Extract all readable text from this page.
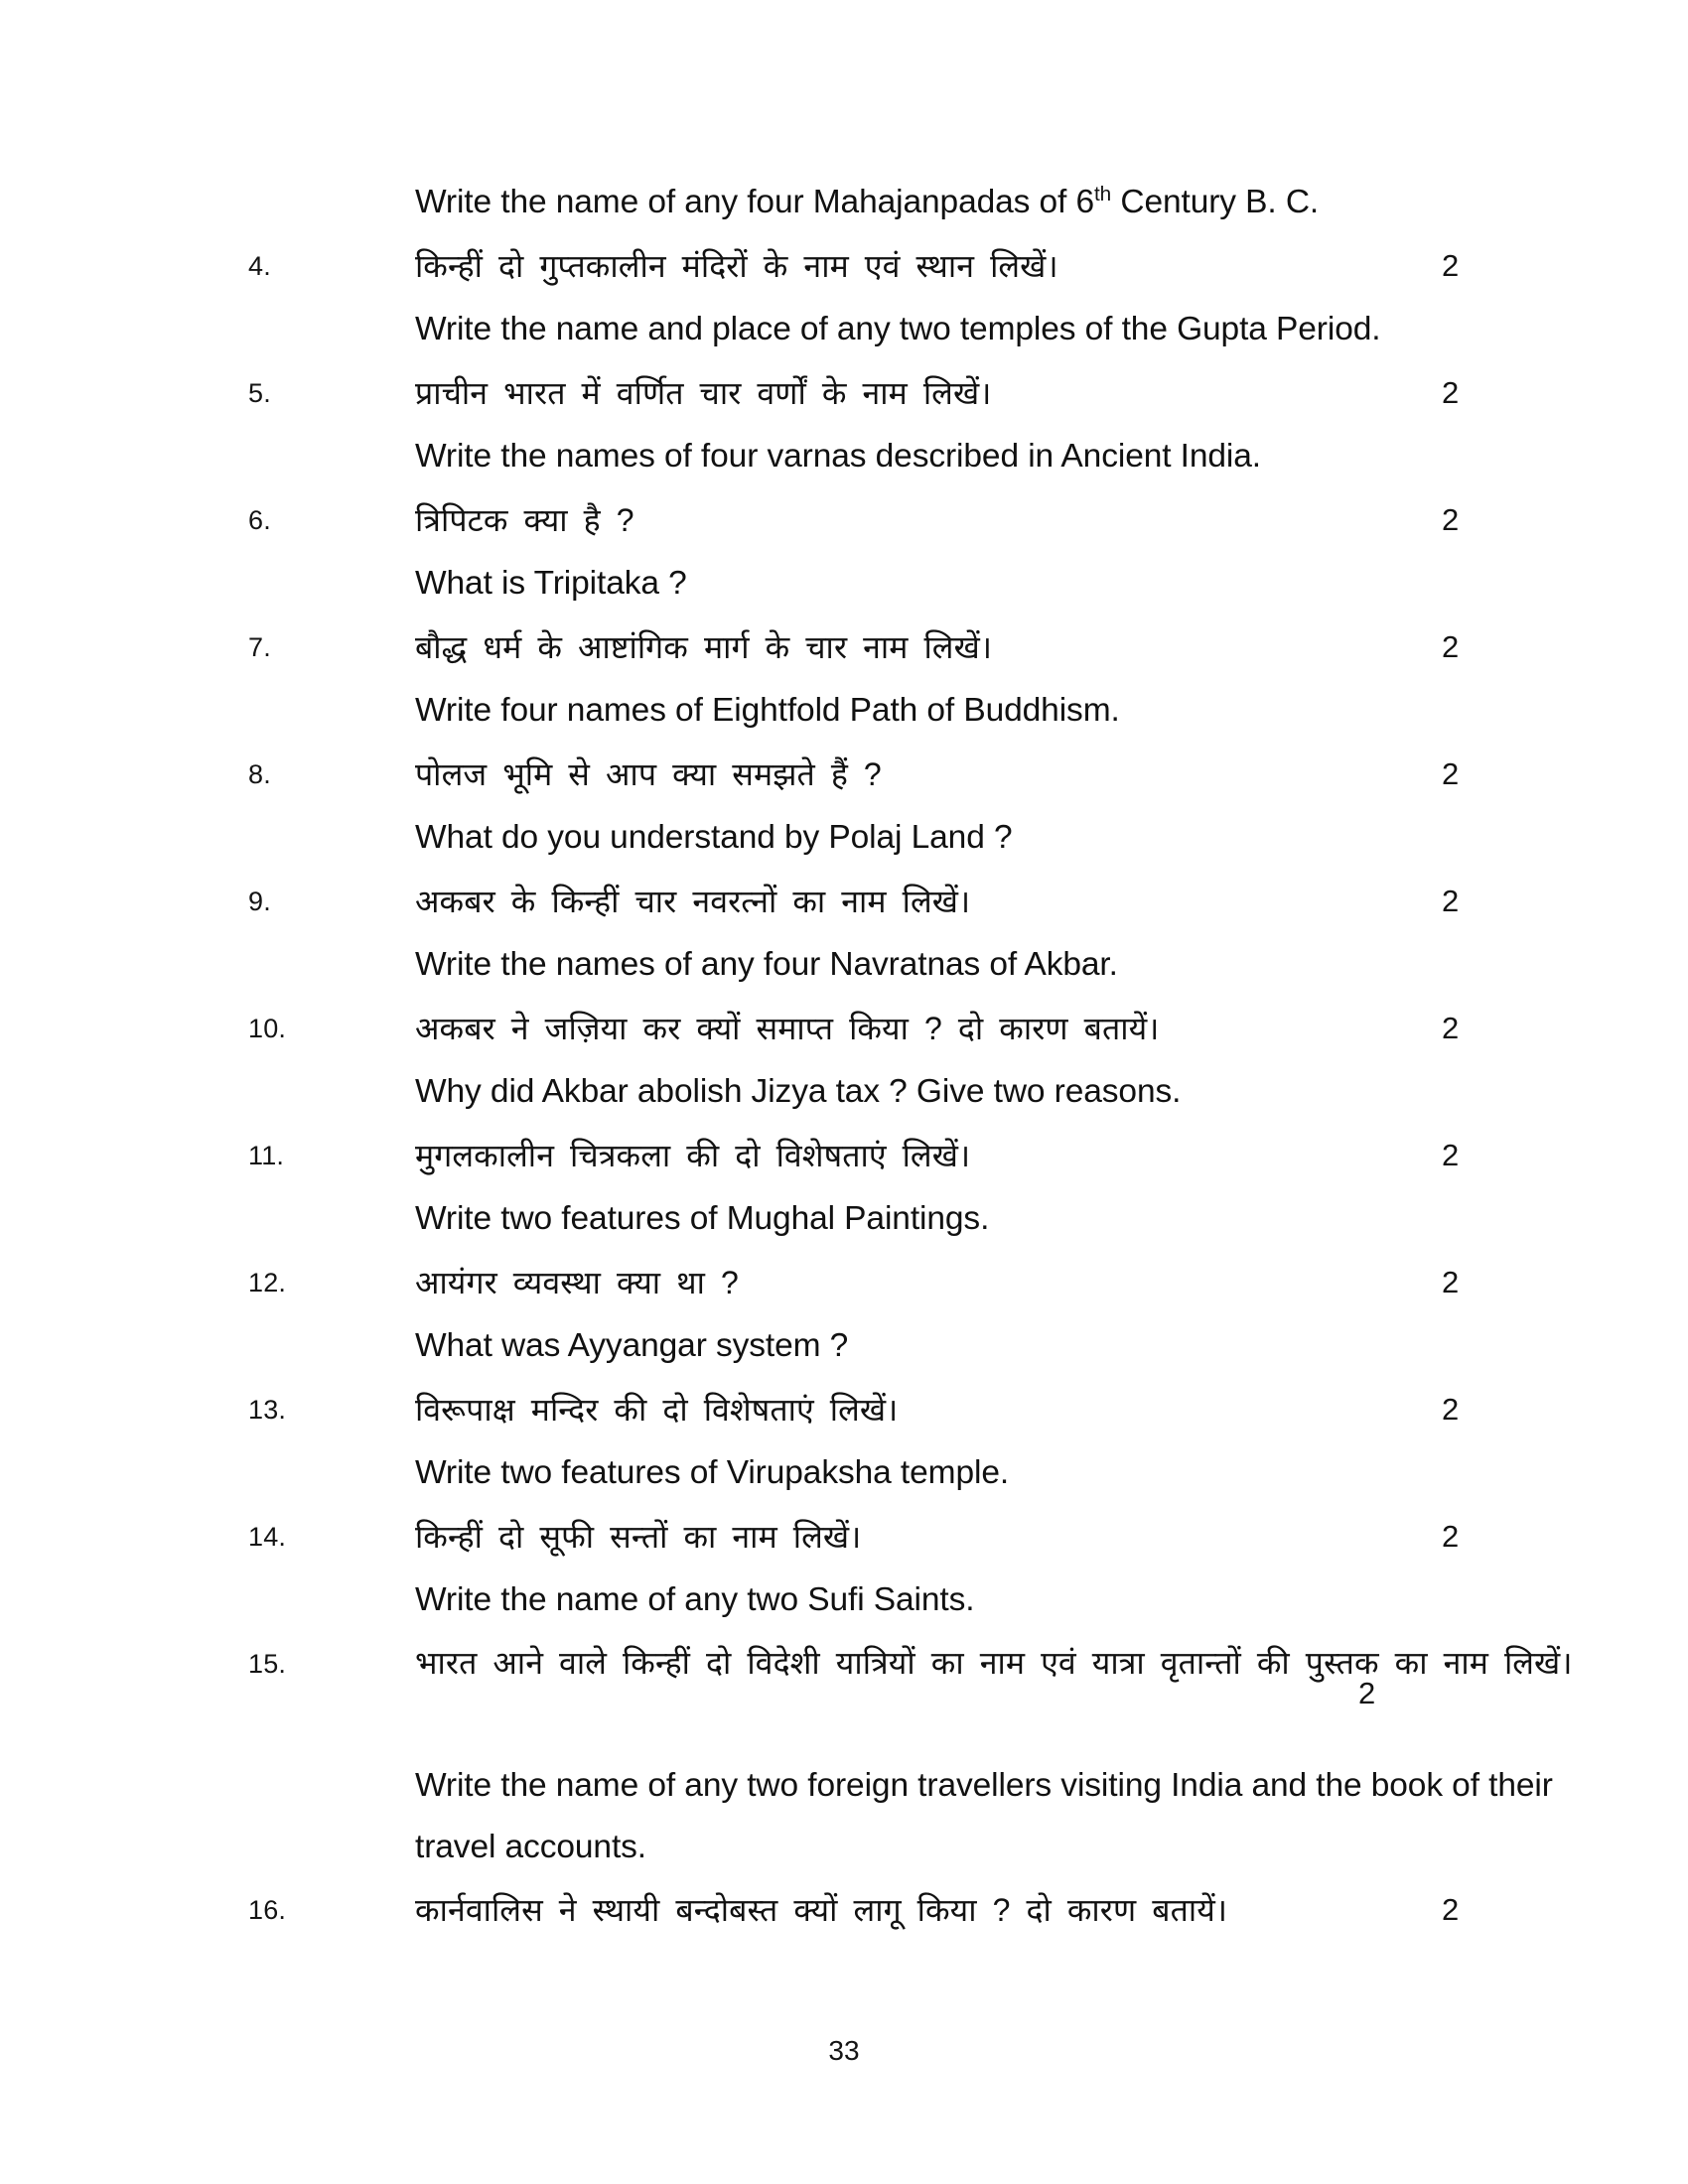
Write the name of any four Mahajanpadas of 6th Century B. C.
4.	किन्हीं दो गुप्तकालीन मंदिरों के नाम एवं स्थान लिखें।	2
Write the name and place of any two temples of the Gupta Period.
5.	प्राचीन भारत में वर्णित चार वर्णों के नाम लिखें।	2
Write the names of four varnas described in Ancient India.
6.	त्रिपिटक क्या है ?	2
What is Tripitaka ?
7.	बौद्ध धर्म के आष्टांगिक मार्ग के चार नाम लिखें।	2
Write four names of Eightfold Path of Buddhism.
8.	पोलज भूमि से आप क्या समझते हैं ?	2
What do you understand by Polaj Land ?
9.	अकबर के किन्हीं चार नवरत्नों का नाम लिखें।	2
Write the names of any four Navratnas of Akbar.
10.	अकबर ने जज़िया कर क्यों समाप्त किया ? दो कारण बतायें।	2
Why did Akbar abolish Jizya tax ? Give two reasons.
11.	मुगलकालीन चित्रकला की दो विशेषताएं लिखें।	2
Write two features of Mughal Paintings.
12.	आयंगर व्यवस्था क्या था ?	2
What was Ayyangar system ?
13.	विरूपाक्ष मन्दिर की दो विशेषताएं लिखें।	2
Write two features of Virupaksha temple.
14.	किन्हीं दो सूफी सन्तों का नाम लिखें।	2
Write the name of any two Sufi Saints.
15.	भारत आने वाले किन्हीं दो विदेशी यात्रियों का नाम एवं यात्रा वृतान्तों की पुस्तक का नाम लिखें।
2
Write the name of any two foreign travellers visiting India and the book of their travel accounts.
16.	कार्नवालिस ने स्थायी बन्दोबस्त क्यों लागू किया ? दो कारण बतायें।	2
33
